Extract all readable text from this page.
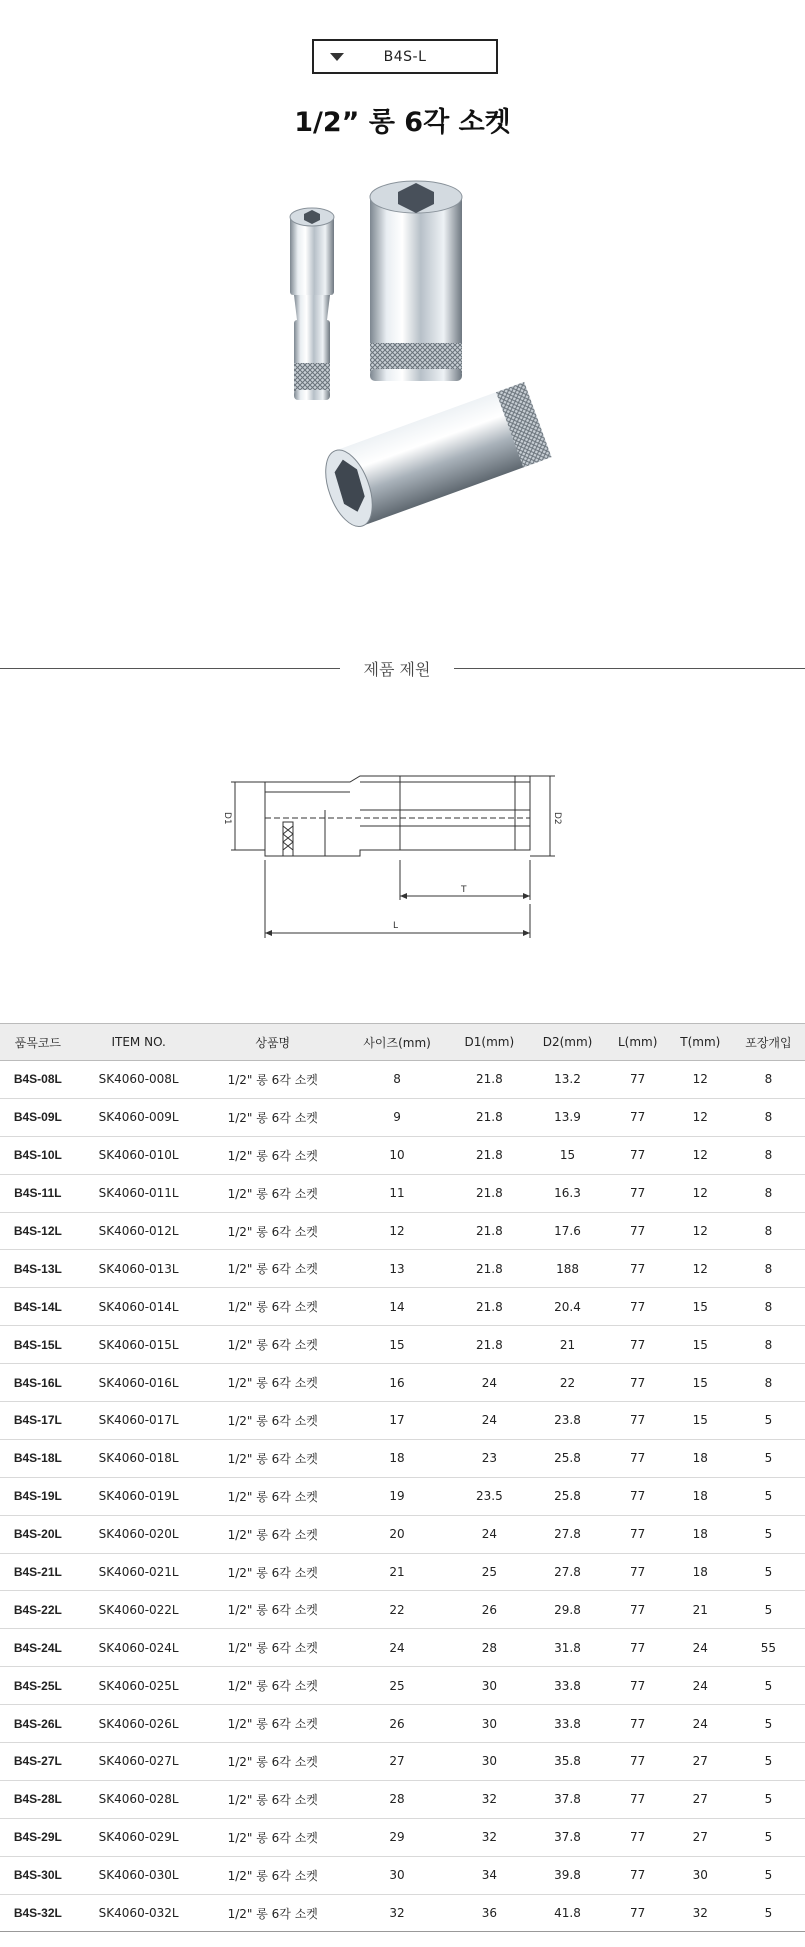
B4S-L
1/2” 롱 6각 소켓
제품 제원
D1	D2
T
L
품목코드	ITEM NO.	상품명	사이즈(mm)	D1(mm)	D2(mm)	L(mm)	T(mm)	포장개입
B4S-08L	SK4060-008L	1/2" 롱 6각 소켓	8	21.8	13.2	77	12	8
B4S-09L	SK4060-009L	1/2" 롱 6각 소켓	9	21.8	13.9	77	12	8
B4S-10L	SK4060-010L	1/2" 롱 6각 소켓	10	21.8	15	77	12	8
B4S-11L	SK4060-011L	1/2" 롱 6각 소켓	11	21.8	16.3	77	12	8
B4S-12L	SK4060-012L	1/2" 롱 6각 소켓	12	21.8	17.6	77	12	8
B4S-13L	SK4060-013L	1/2" 롱 6각 소켓	13	21.8	188	77	12	8
B4S-14L	SK4060-014L	1/2" 롱 6각 소켓	14	21.8	20.4	77	15	8
B4S-15L	SK4060-015L	1/2" 롱 6각 소켓	15	21.8	21	77	15	8
B4S-16L	SK4060-016L	1/2" 롱 6각 소켓	16	24	22	77	15	8
B4S-17L	SK4060-017L	1/2" 롱 6각 소켓	17	24	23.8	77	15	5
B4S-18L	SK4060-018L	1/2" 롱 6각 소켓	18	23	25.8	77	18	5
B4S-19L	SK4060-019L	1/2" 롱 6각 소켓	19	23.5	25.8	77	18	5
B4S-20L	SK4060-020L	1/2" 롱 6각 소켓	20	24	27.8	77	18	5
B4S-21L	SK4060-021L	1/2" 롱 6각 소켓	21	25	27.8	77	18	5
B4S-22L	SK4060-022L	1/2" 롱 6각 소켓	22	26	29.8	77	21	5
B4S-24L	SK4060-024L	1/2" 롱 6각 소켓	24	28	31.8	77	24	55
B4S-25L	SK4060-025L	1/2" 롱 6각 소켓	25	30	33.8	77	24	5
B4S-26L	SK4060-026L	1/2" 롱 6각 소켓	26	30	33.8	77	24	5
B4S-27L	SK4060-027L	1/2" 롱 6각 소켓	27	30	35.8	77	27	5
B4S-28L	SK4060-028L	1/2" 롱 6각 소켓	28	32	37.8	77	27	5
B4S-29L	SK4060-029L	1/2" 롱 6각 소켓	29	32	37.8	77	27	5
B4S-30L	SK4060-030L	1/2" 롱 6각 소켓	30	34	39.8	77	30	5
B4S-32L	SK4060-032L	1/2" 롱 6각 소켓	32	36	41.8	77	32	5
